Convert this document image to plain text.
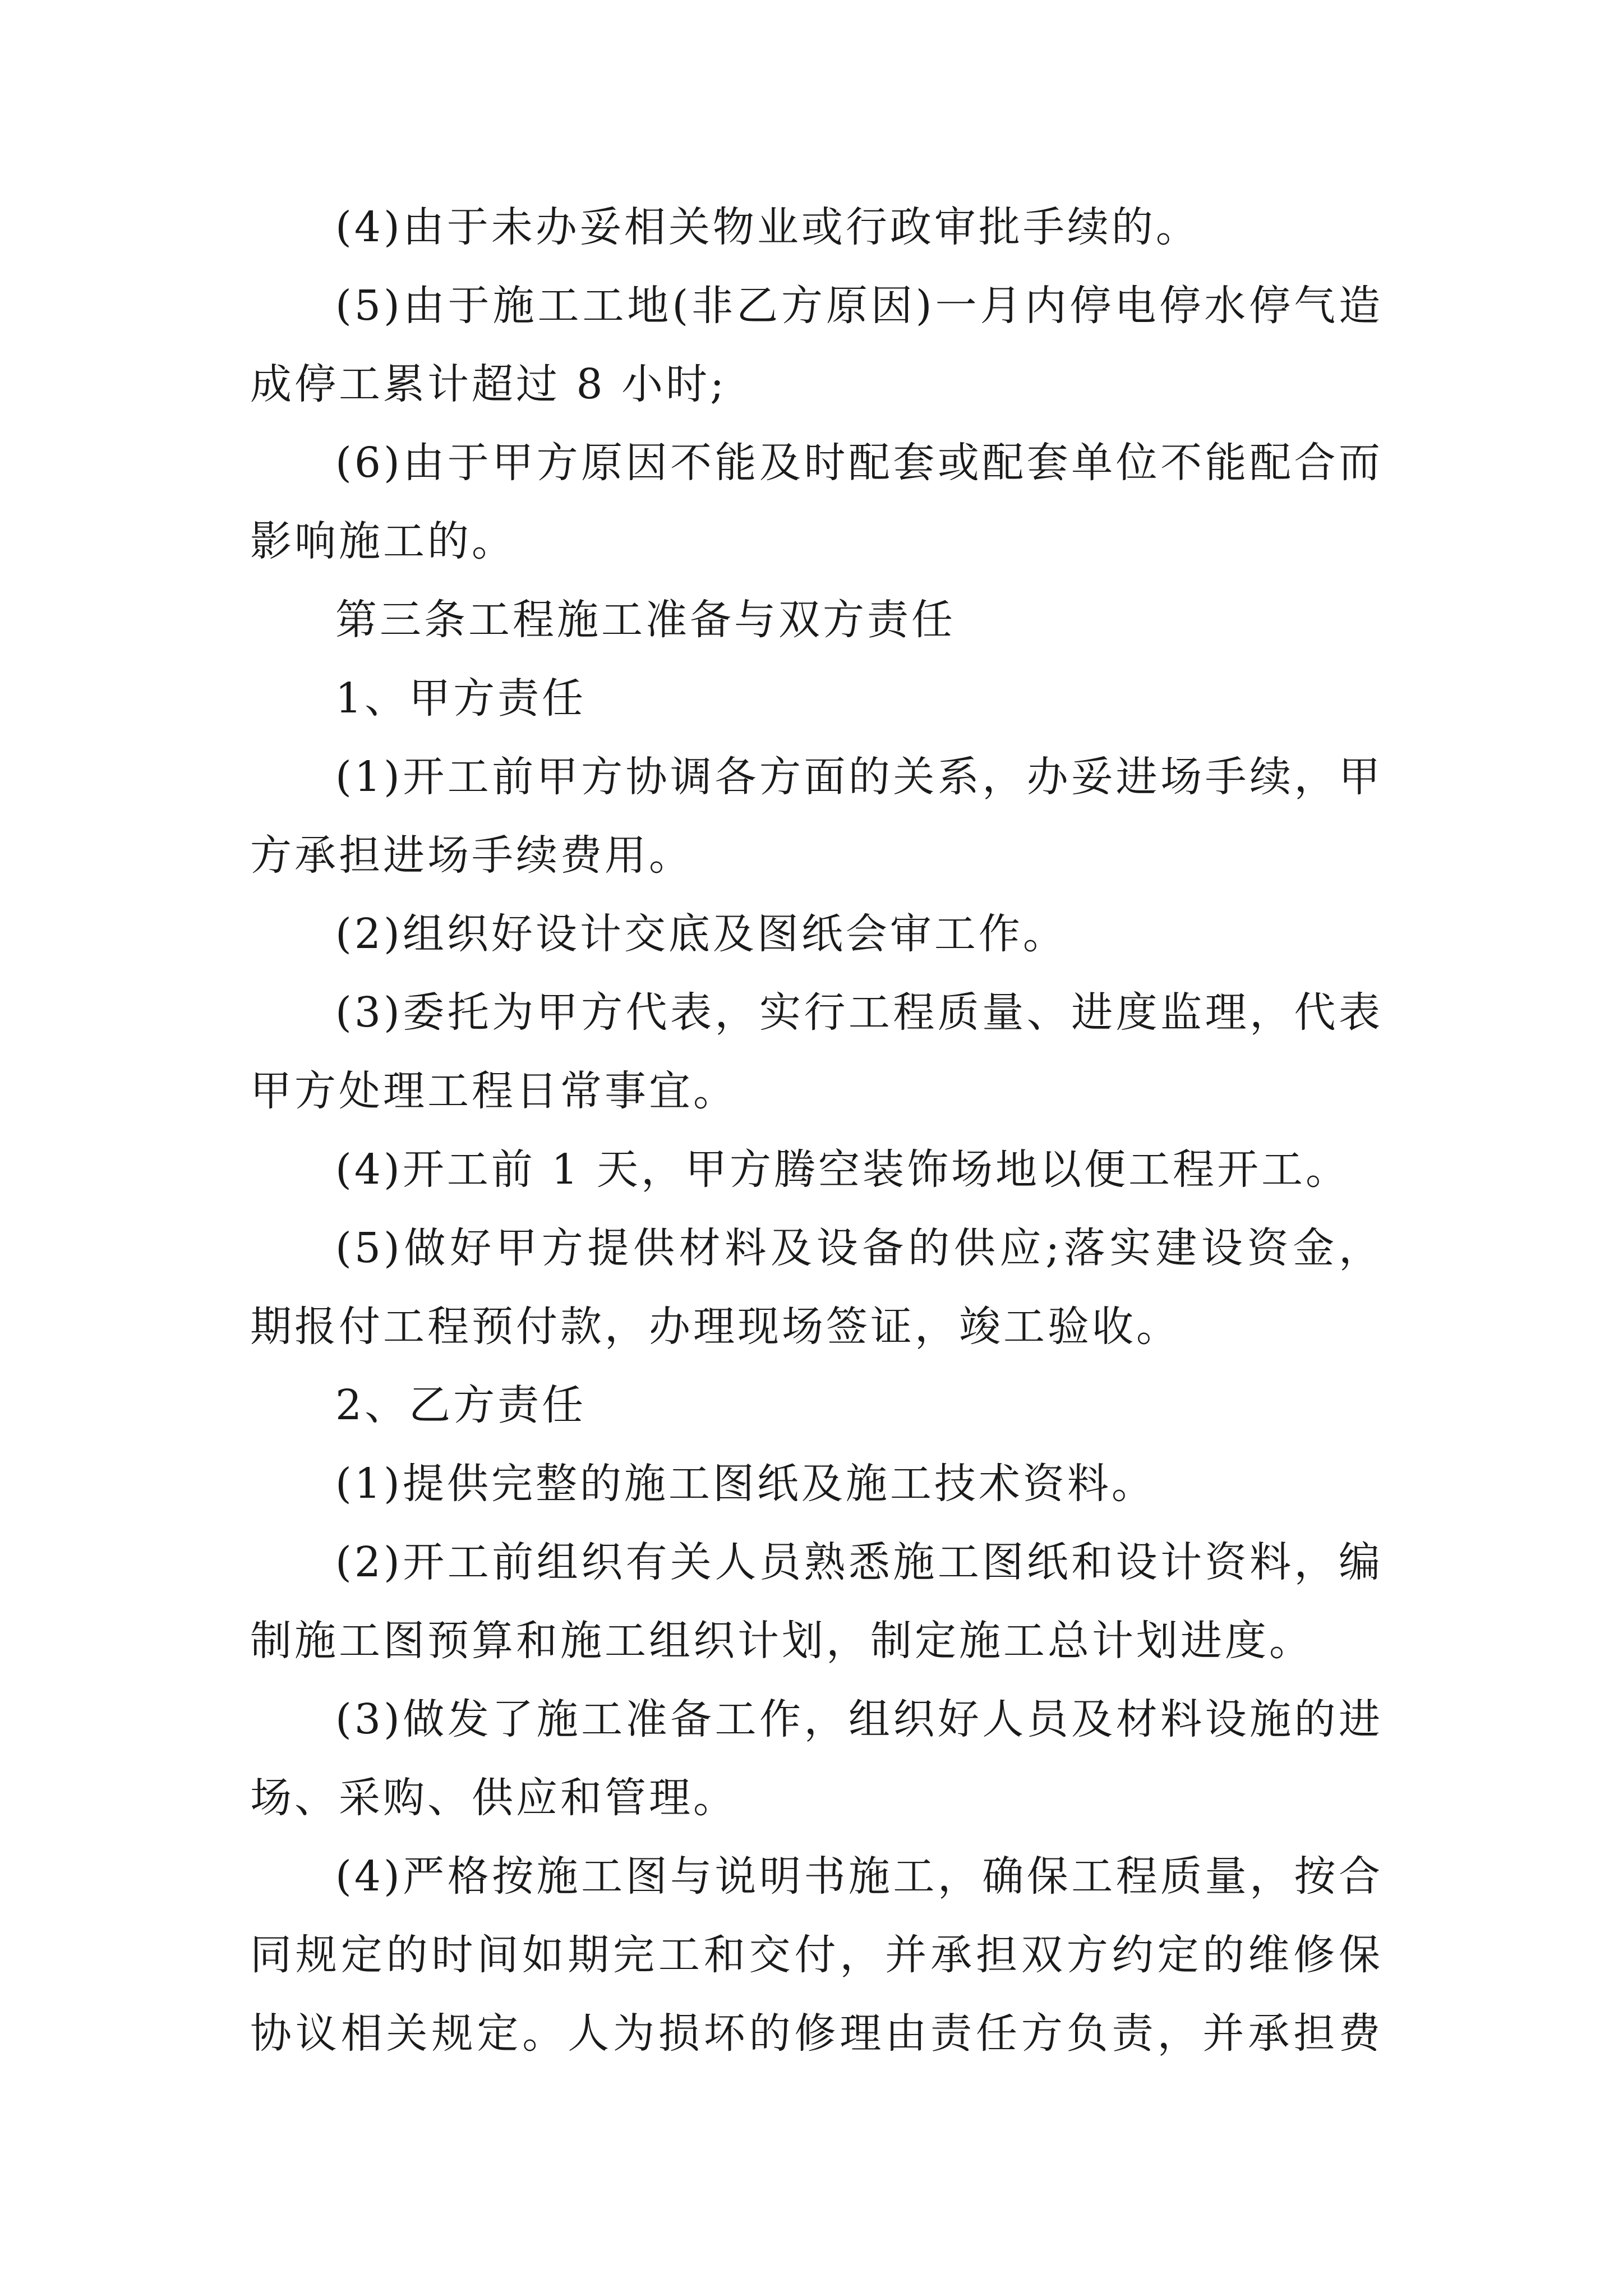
(4)由于未办妥相关物业或行政审批手续的。
(5)由于施工工地(非乙方原因)一月内停电停水停气造
成停工累计超过 8 小时;
(6)由于甲方原因不能及时配套或配套单位不能配合而
影响施工的。
第三条工程施工准备与双方责任
1、甲方责任
(1)开工前甲方协调各方面的关系，办妥进场手续，甲
方承担进场手续费用。
(2)组织好设计交底及图纸会审工作。
(3)委托为甲方代表，实行工程质量、进度监理，代表
甲方处理工程日常事宜。
(4)开工前 1 天，甲方腾空装饰场地以便工程开工。
(5)做好甲方提供材料及设备的供应;落实建设资金，
期报付工程预付款，办理现场签证，竣工验收。
2、乙方责任
(1)提供完整的施工图纸及施工技术资料。
(2)开工前组织有关人员熟悉施工图纸和设计资料，编
制施工图预算和施工组织计划，制定施工总计划进度。
(3)做发了施工准备工作，组织好人员及材料设施的进
场、采购、供应和管理。
(4)严格按施工图与说明书施工，确保工程质量，按合
同规定的时间如期完工和交付，并承担双方约定的维修保
协议相关规定。人为损坏的修理由责任方负责，并承担费
